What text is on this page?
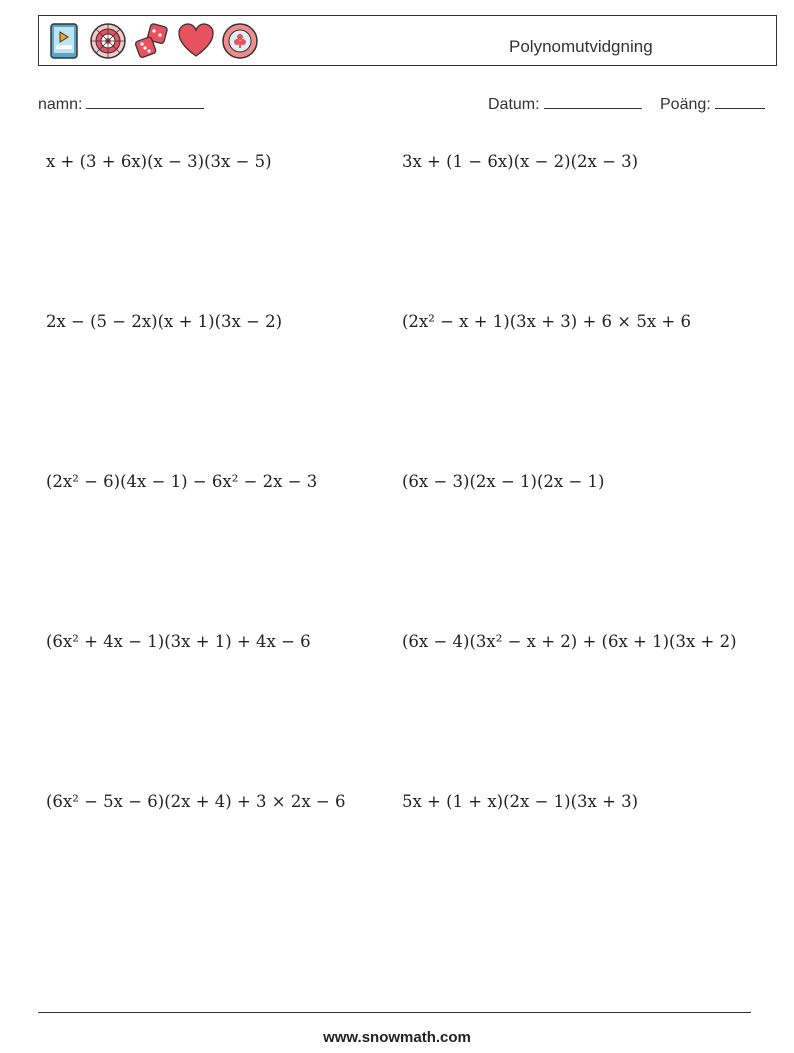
Polynomutvidgning
namn:	Datum:	Poäng:
x + (3 + 6x)(x − 3)(3x − 5)	3x + (1 − 6x)(x − 2)(2x − 3)
2x − (5 − 2x)(x + 1)(3x − 2)	(2x² − x + 1)(3x + 3) + 6 × 5x + 6
(2x² − 6)(4x − 1) − 6x² − 2x − 3	(6x − 3)(2x − 1)(2x − 1)
(6x² + 4x − 1)(3x + 1) + 4x − 6	(6x − 4)(3x² − x + 2) + (6x + 1)(3x + 2)
(6x² − 5x − 6)(2x + 4) + 3 × 2x − 6	5x + (1 + x)(2x − 1)(3x + 3)
www.snowmath.com
